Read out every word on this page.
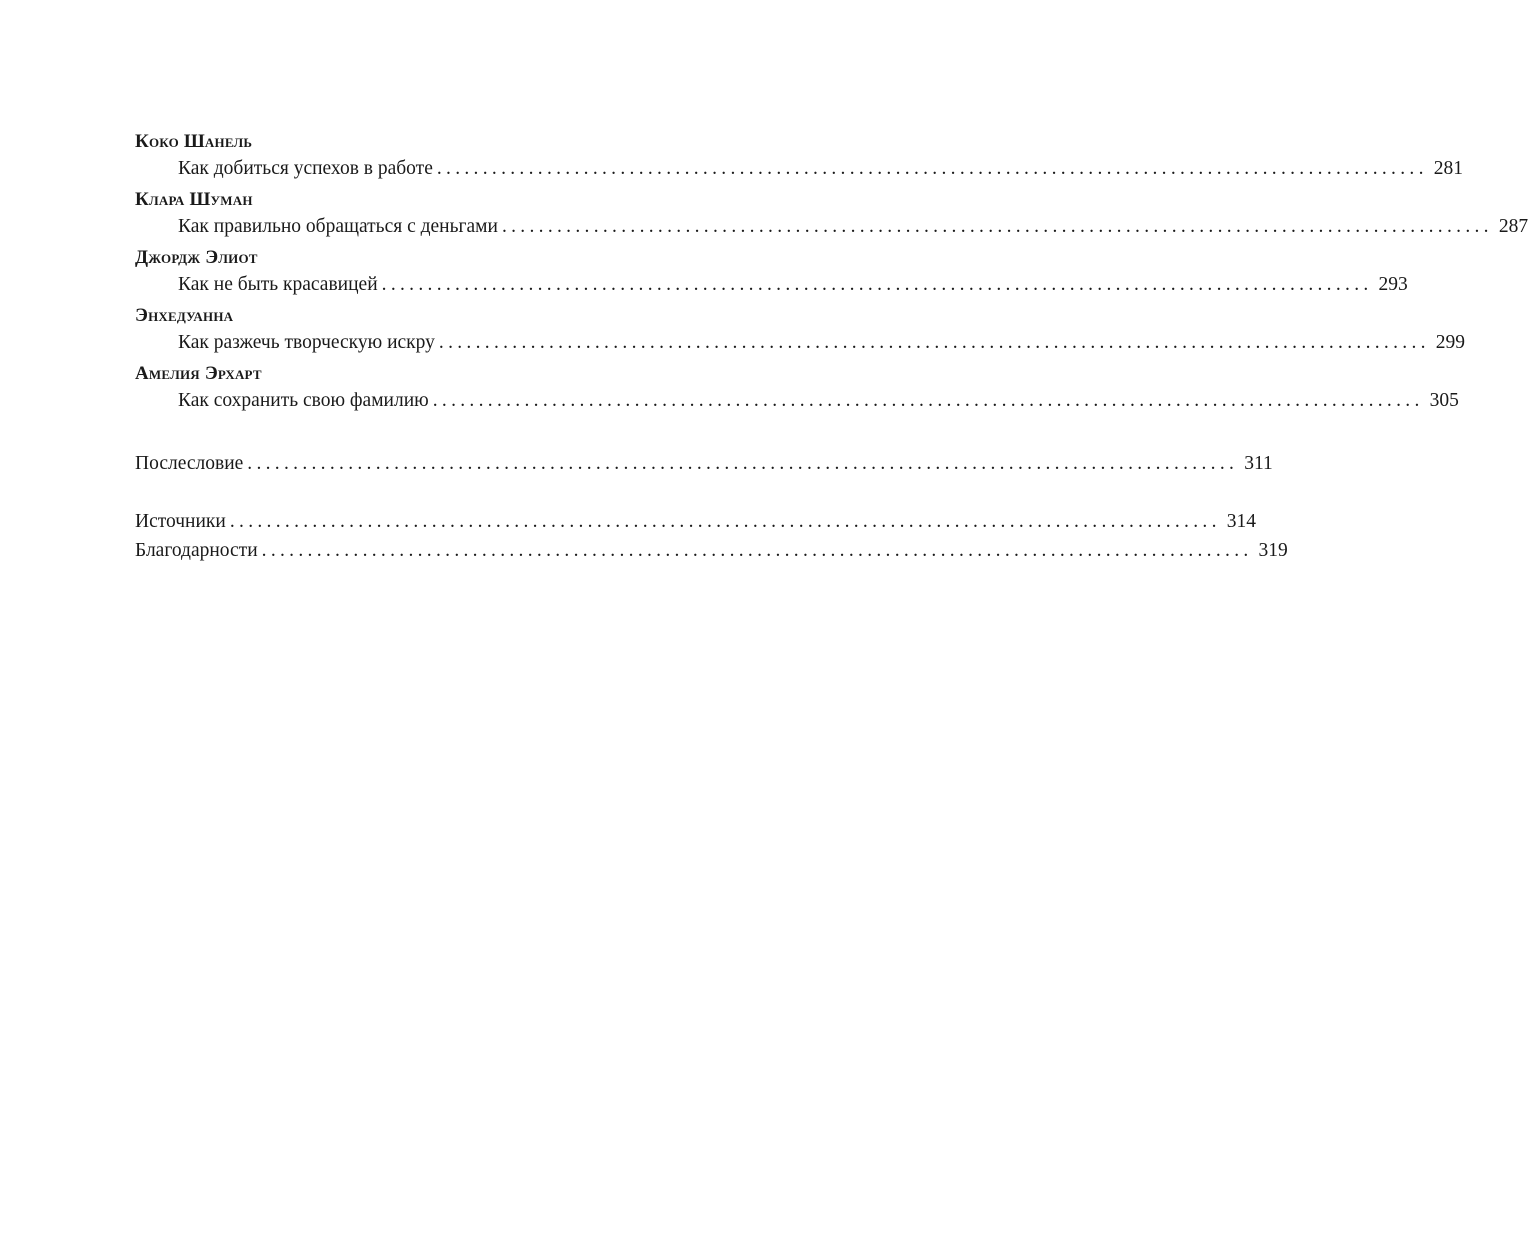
Коко Шанель
Как добиться успехов в работе ............................................................................................................ 281
Клара Шуман
Как правильно обращаться с деньгами ............................................................................................................ 287
Джордж Элиот
Как не быть красавицей ............................................................................................................ 293
Энхедуанна
Как разжечь творческую искру ............................................................................................................ 299
Амелия Эрхарт
Как сохранить свою фамилию ............................................................................................................ 305
Послесловие ............................................................................................................ 311
Источники ............................................................................................................ 314
Благодарности ............................................................................................................ 319
